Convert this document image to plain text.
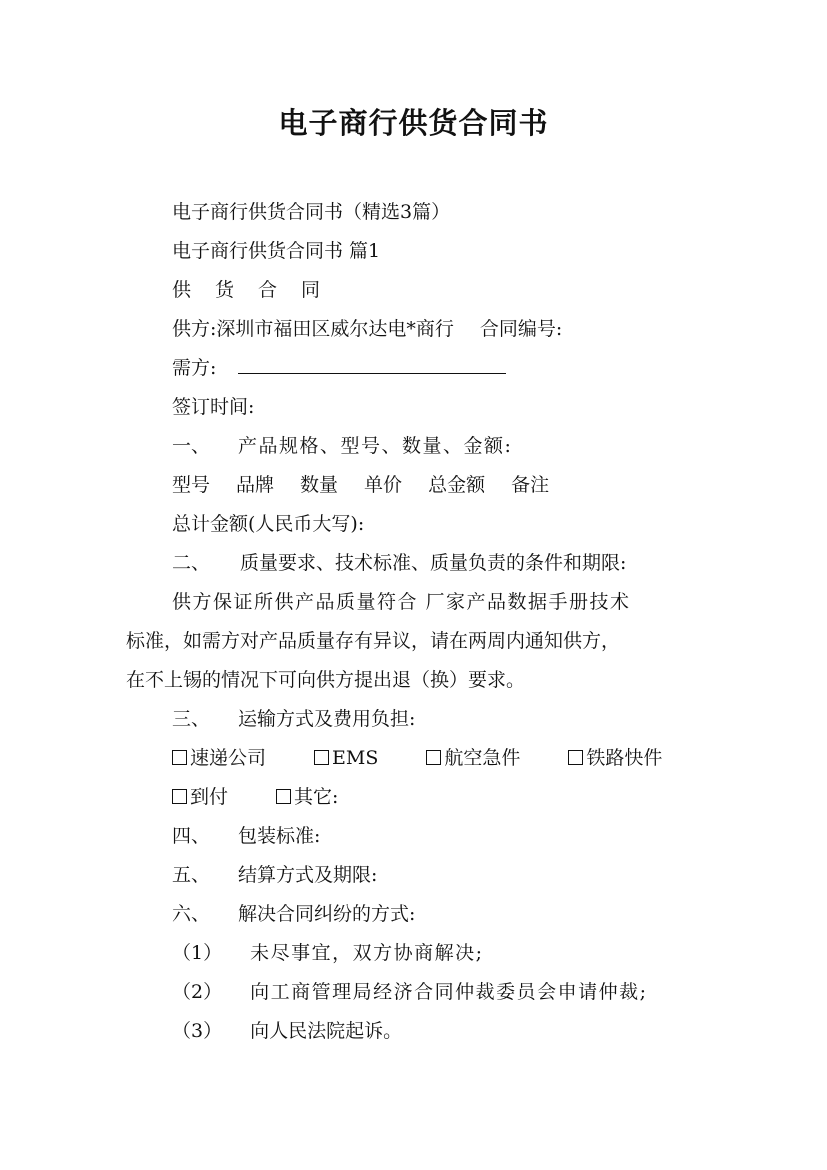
电子商行供货合同书
电子商行供货合同书（精选3篇）
电子商行供货合同书 篇1
供 货 合 同
供方:深圳市福田区威尔达电*商行 合同编号:
需方:
签订时间:
一、 产品规格、型号、数量、金额:
型号 品牌 数量 单价 总金额 备注
总计金额(人民币大写):
二、 质量要求、技术标准、质量负责的条件和期限:
供方保证所供产品质量符合 厂家产品数据手册技术
标准，如需方对产品质量存有异议，请在两周内通知供方，
在不上锡的情况下可向供方提出退（换）要求。
三、 运输方式及费用负担:
速递公司	EMS	航空急件	铁路快件
到付	其它:
四、 包装标准:
五、 结算方式及期限:
六、 解决合同纠纷的方式:
（1） 未尽事宜，双方协商解决;
（2） 向工商管理局经济合同仲裁委员会申请仲裁;
（3） 向人民法院起诉。
